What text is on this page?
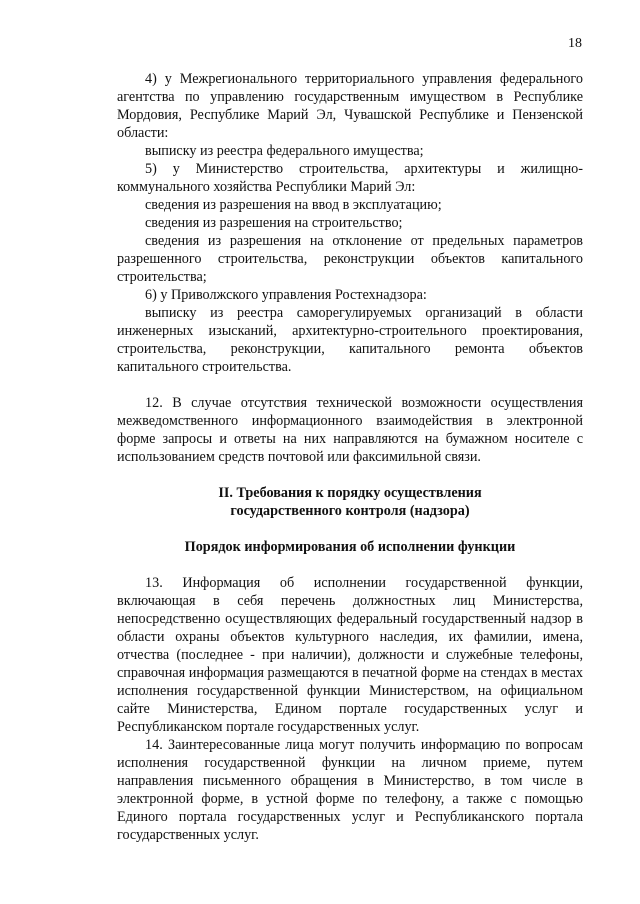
18

4) у Межрегионального территориального управления федерального агентства по управлению государственным имуществом в Республике Мордовия, Республике Марий Эл, Чувашской Республике и Пензенской области:

выписку из реестра федерального имущества;

5) у Министерство строительства, архитектуры и жилищно-коммунального хозяйства Республики Марий Эл:

сведения из разрешения на ввод в эксплуатацию;

сведения из разрешения на строительство;

сведения из разрешения на отклонение от предельных параметров разрешенного строительства, реконструкции объектов капитального строительства;

6) у Приволжского управления Ростехнадзора:

выписку из реестра саморегулируемых организаций в области инженерных изысканий, архитектурно-строительного проектирования, строительства, реконструкции, капитального ремонта объектов капитального строительства.

12. В случае отсутствия технической возможности осуществления межведомственного информационного взаимодействия в электронной форме запросы и ответы на них направляются на бумажном носителе с использованием средств почтовой или факсимильной связи.

II. Требования к порядку осуществления

государственного контроля (надзора)

Порядок информирования об исполнении функции

13. Информация об исполнении государственной функции, включающая в себя перечень должностных лиц Министерства, непосредственно осуществляющих федеральный государственный надзор в области охраны объектов культурного наследия, их фамилии, имена, отчества (последнее - при наличии), должности и служебные телефоны, справочная информация размещаются в печатной форме на стендах в местах исполнения государственной функции Министерством, на официальном сайте Министерства, Едином портале государственных услуг и Республиканском портале государственных услуг.

14. Заинтересованные лица могут получить информацию по вопросам исполнения государственной функции на личном приеме, путем направления письменного обращения в Министерство, в том числе в электронной форме, в устной форме по телефону, а также с помощью Единого портала государственных услуг и Республиканского портала государственных услуг.
